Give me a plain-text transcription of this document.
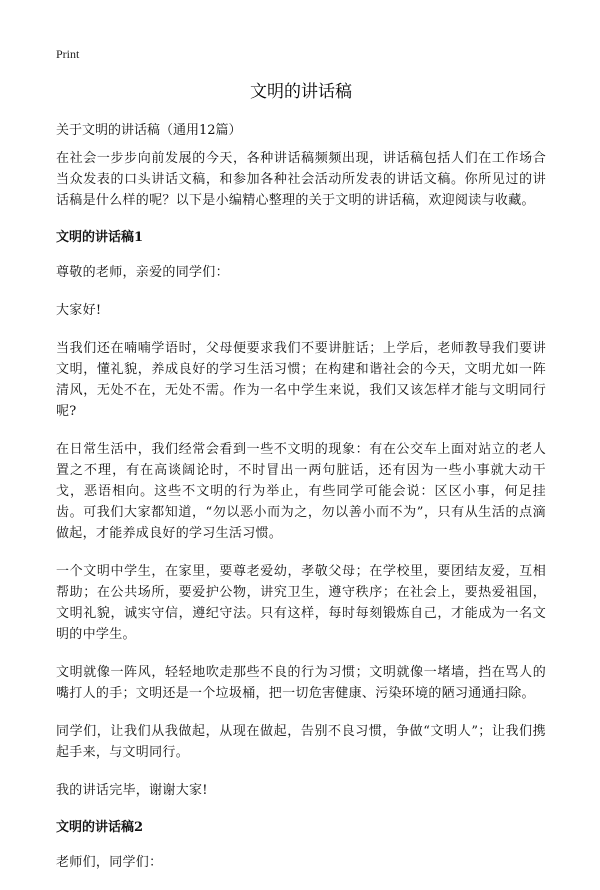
Print
文明的讲话稿

关于文明的讲话稿（通用12篇）

在社会一步步向前发展的今天，各种讲话稿频频出现，讲话稿包括人们在工作场合当众发表的口头讲话文稿，和参加各种社会活动所发表的讲话文稿。你所见过的讲话稿是什么样的呢？以下是小编精心整理的关于文明的讲话稿，欢迎阅读与收藏。

文明的讲话稿1

尊敬的老师，亲爱的同学们：

大家好!

当我们还在喃喃学语时，父母便要求我们不要讲脏话；上学后，老师教导我们要讲文明，懂礼貌，养成良好的学习生活习惯；在构建和谐社会的今天，文明尤如一阵清风，无处不在，无处不需。作为一名中学生来说，我们又该怎样才能与文明同行呢?

在日常生活中，我们经常会看到一些不文明的现象：有在公交车上面对站立的老人置之不理，有在高谈阔论时，不时冒出一两句脏话，还有因为一些小事就大动干戈，恶语相向。这些不文明的行为举止，有些同学可能会说：区区小事，何足挂齿。可我们大家都知道，“勿以恶小而为之，勿以善小而不为”，只有从生活的点滴做起，才能养成良好的学习生活习惯。

一个文明中学生，在家里，要尊老爱幼，孝敬父母；在学校里，要团结友爱，互相帮助；在公共场所，要爱护公物，讲究卫生，遵守秩序；在社会上，要热爱祖国，文明礼貌，诚实守信，遵纪守法。只有这样，每时每刻锻炼自己，才能成为一名文明的中学生。

文明就像一阵风，轻轻地吹走那些不良的行为习惯；文明就像一堵墙，挡在骂人的嘴打人的手；文明还是一个垃圾桶，把一切危害健康、污染环境的陋习通通扫除。

同学们，让我们从我做起，从现在做起，告别不良习惯，争做“文明人”；让我们携起手来，与文明同行。

我的讲话完毕，谢谢大家!

文明的讲话稿2

老师们，同学们：
